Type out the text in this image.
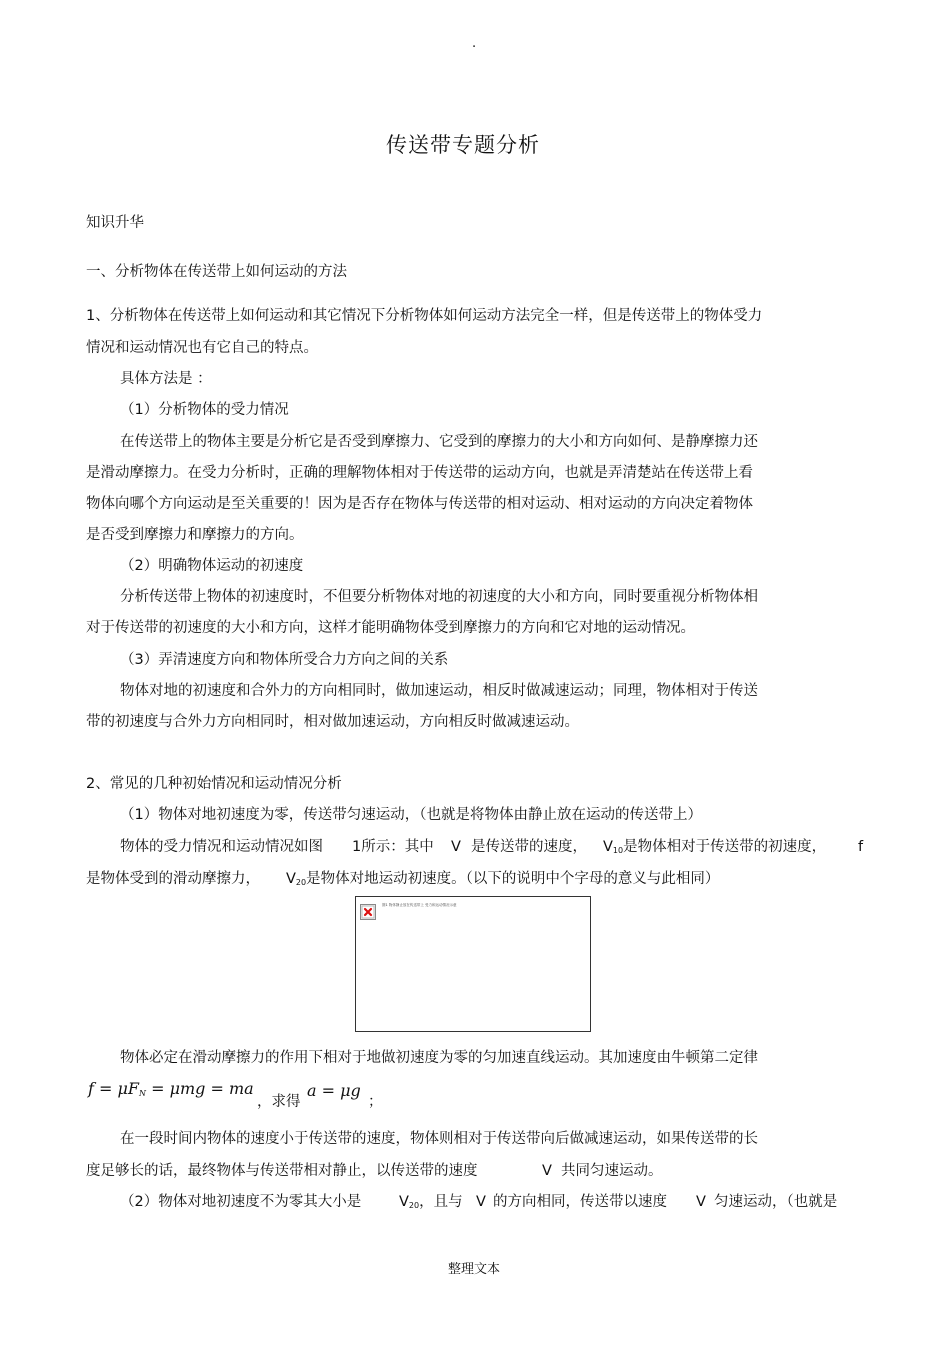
.
传送带专题分析
知识升华
一、分析物体在传送带上如何运动的方法
1、分析物体在传送带上如何运动和其它情况下分析物体如何运动方法完全一样，但是传送带上的物体受力
情况和运动情况也有它自己的特点。
具体方法是 ：
（1）分析物体的受力情况
在传送带上的物体主要是分析它是否受到摩擦力、它受到的摩擦力的大小和方向如何、是静摩擦力还
是滑动摩擦力。在受力分析时，正确的理解物体相对于传送带的运动方向，也就是弄清楚站在传送带上看
物体向哪个方向运动是至关重要的！因为是否存在物体与传送带的相对运动、相对运动的方向决定着物体
是否受到摩擦力和摩擦力的方向。
（2）明确物体运动的初速度
分析传送带上物体的初速度时，不但要分析物体对地的初速度的大小和方向，同时要重视分析物体相
对于传送带的初速度的大小和方向，这样才能明确物体受到摩擦力的方向和它对地的运动情况。
（3）弄清速度方向和物体所受合力方向之间的关系
物体对地的初速度和合外力的方向相同时，做加速运动，相反时做减速运动；同理，物体相对于传送
带的初速度与合外力方向相同时，相对做加速运动，方向相反时做减速运动。
2、常见的几种初始情况和运动情况分析
（1）物体对地初速度为零，传送带匀速运动，（也就是将物体由静止放在运动的传送带上）
物体的受力情况和运动情况如图 1所示：其中 V 是传送带的速度， $V_{10}$是物体相对于传送带的初速度， f
是物体受到的滑动摩擦力， $V_{20}$是物体对地运动初速度。（以下的说明中个字母的意义与此相同）
图1 物体静止放在传送带上 受力和运动情况示意
物体必定在滑动摩擦力的作用下相对于地做初速度为零的匀加速直线运动。其加速度由牛顿第二定律
$f = \mu F_N = \mu mg$ = ma
，求得
a = μg
；
在一段时间内物体的速度小于传送带的速度，物体则相对于传送带向后做减速运动，如果传送带的长
度足够长的话，最终物体与传送带相对静止，以传送带的速度	V 共同匀速运动。
（2）物体对地初速度不为零其大小是	$V_{20}$，且与 V 的方向相同，传送带以速度 V 匀速运动，（也就是
整理文本
